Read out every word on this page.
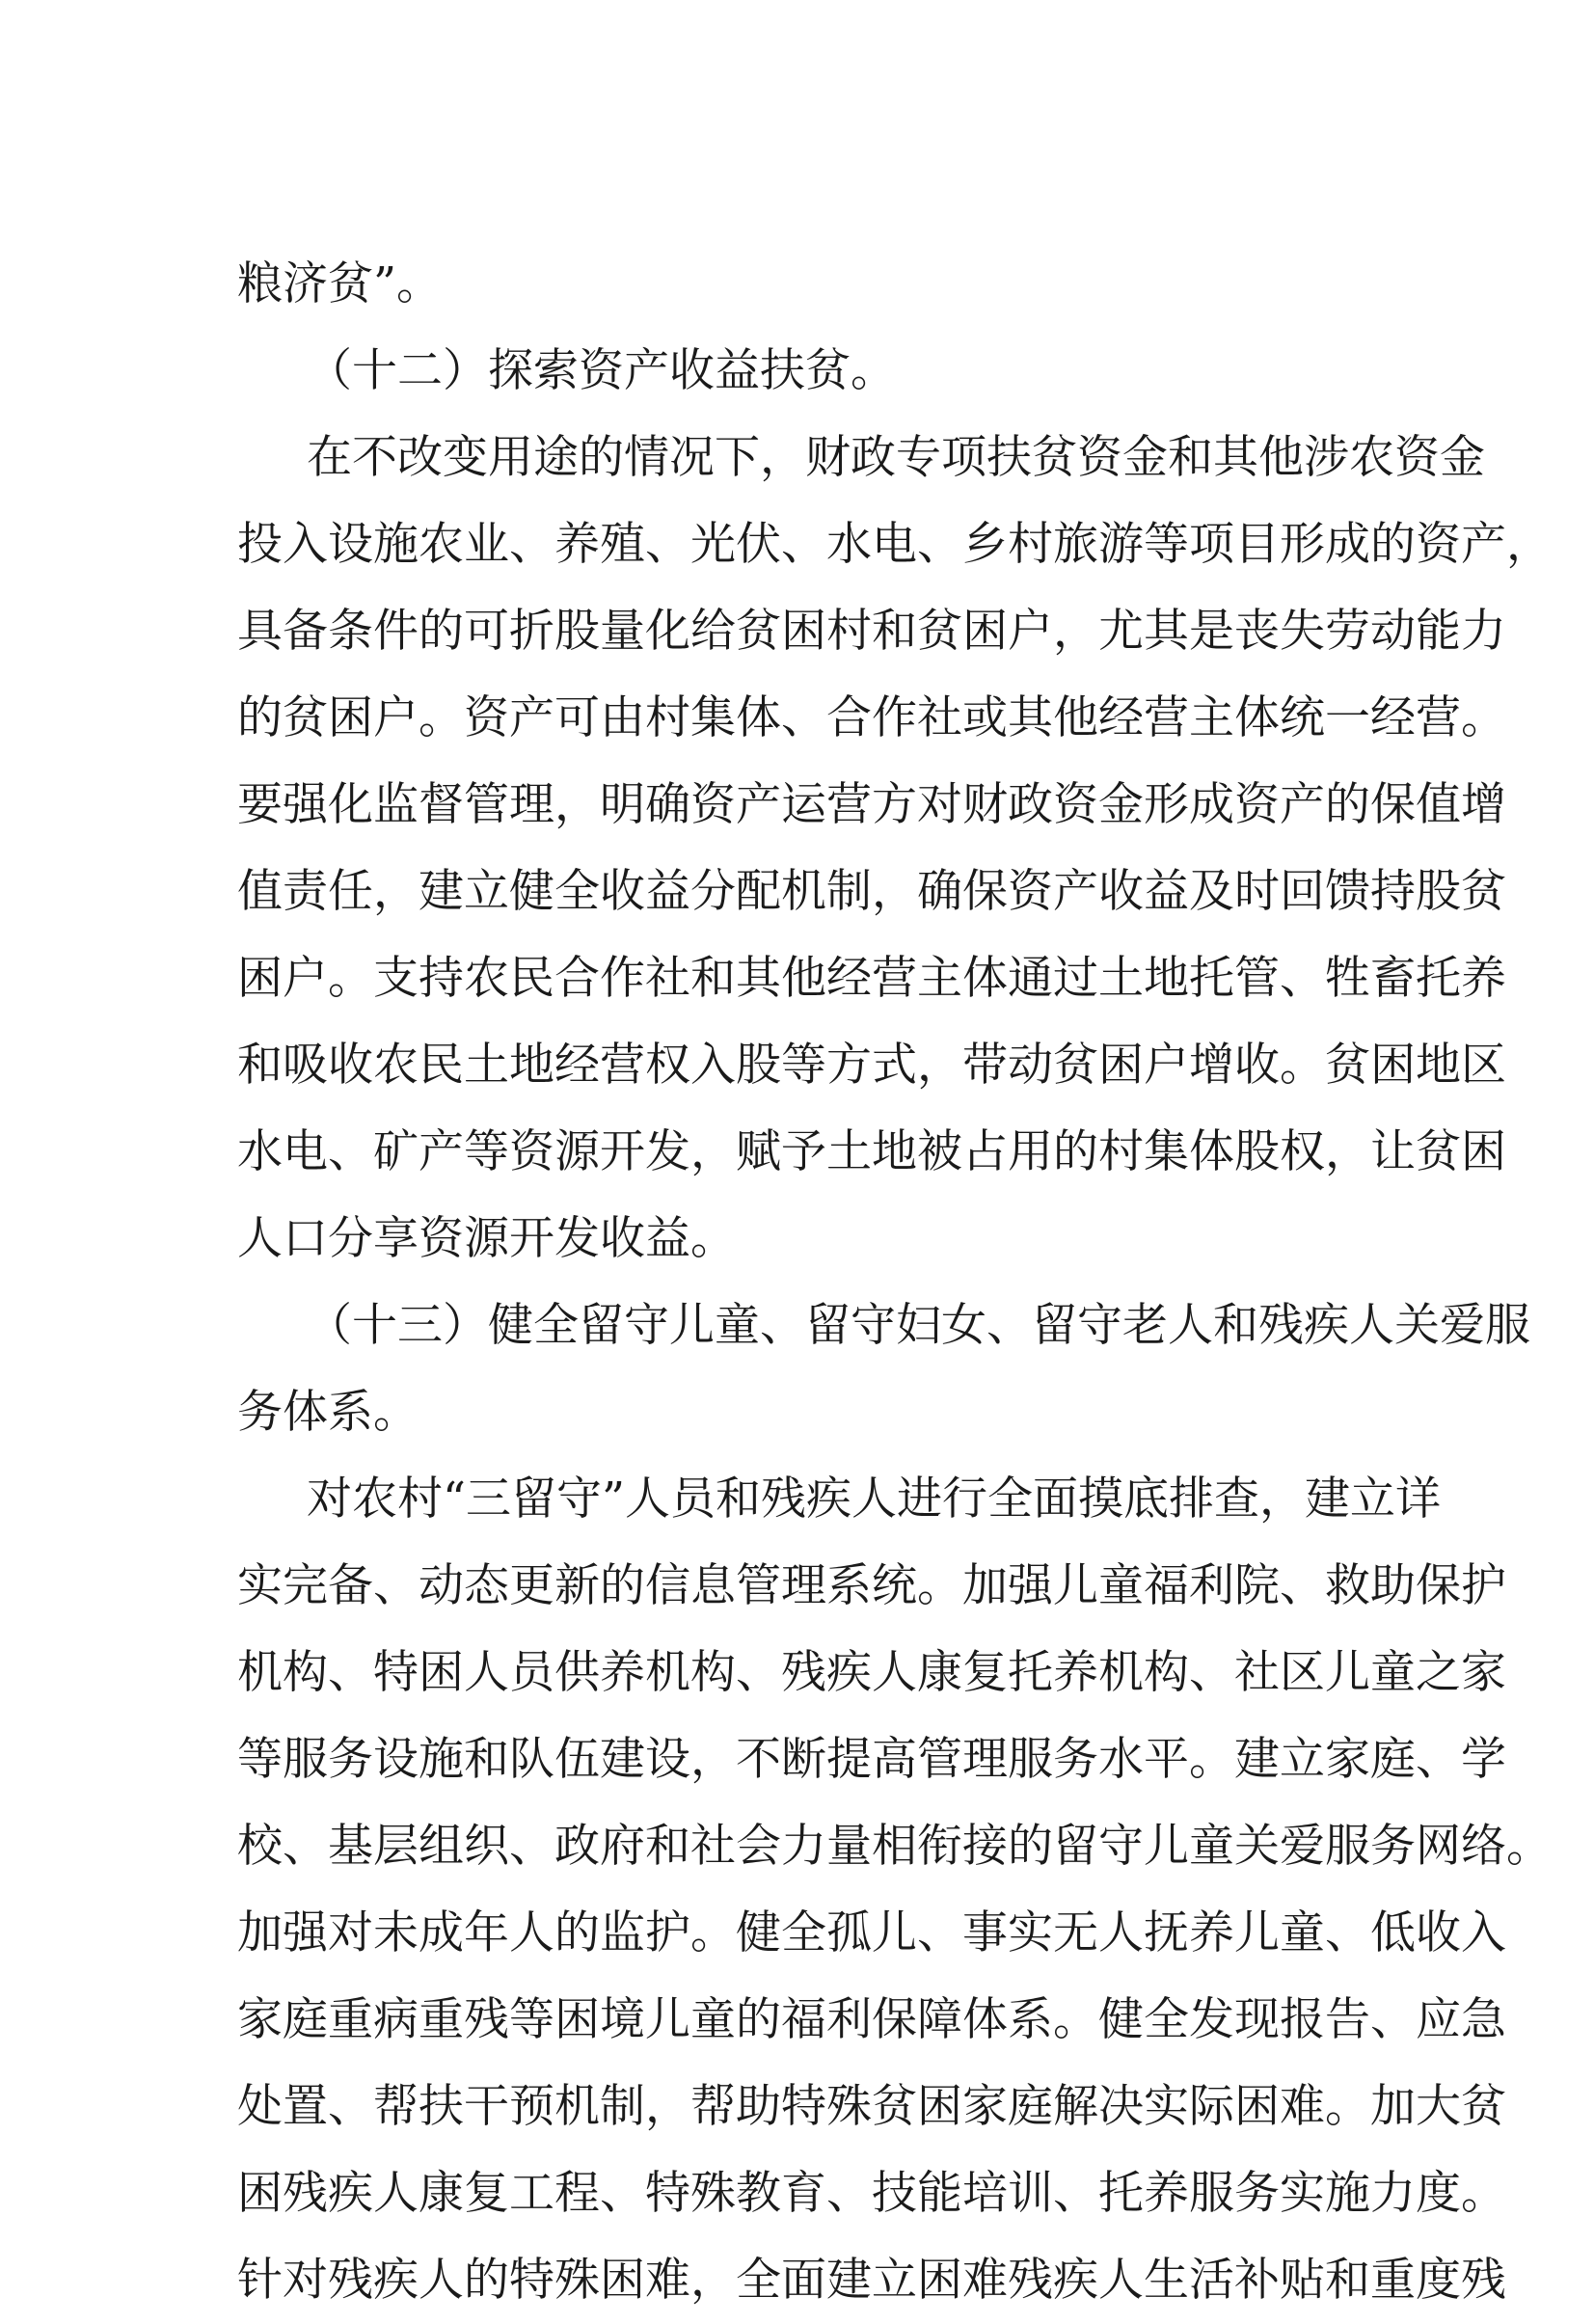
粮济贫”。
（十二）探索资产收益扶贫。
在不改变用途的情况下，财政专项扶贫资金和其他涉农资金
投入设施农业、养殖、光伏、水电、乡村旅游等项目形成的资产，
具备条件的可折股量化给贫困村和贫困户，尤其是丧失劳动能力
的贫困户。资产可由村集体、合作社或其他经营主体统一经营。
要强化监督管理，明确资产运营方对财政资金形成资产的保值增
值责任，建立健全收益分配机制，确保资产收益及时回馈持股贫
困户。支持农民合作社和其他经营主体通过土地托管、牲畜托养
和吸收农民土地经营权入股等方式，带动贫困户增收。贫困地区
水电、矿产等资源开发，赋予土地被占用的村集体股权，让贫困
人口分享资源开发收益。
（十三）健全留守儿童、留守妇女、留守老人和残疾人关爱服
务体系。
对农村“三留守”人员和残疾人进行全面摸底排查，建立详
实完备、动态更新的信息管理系统。加强儿童福利院、救助保护
机构、特困人员供养机构、残疾人康复托养机构、社区儿童之家
等服务设施和队伍建设，不断提高管理服务水平。建立家庭、学
校、基层组织、政府和社会力量相衔接的留守儿童关爱服务网络。
加强对未成年人的监护。健全孤儿、事实无人抚养儿童、低收入
家庭重病重残等困境儿童的福利保障体系。健全发现报告、应急
处置、帮扶干预机制，帮助特殊贫困家庭解决实际困难。加大贫
困残疾人康复工程、特殊教育、技能培训、托养服务实施力度。
针对残疾人的特殊困难，全面建立困难残疾人生活补贴和重度残
